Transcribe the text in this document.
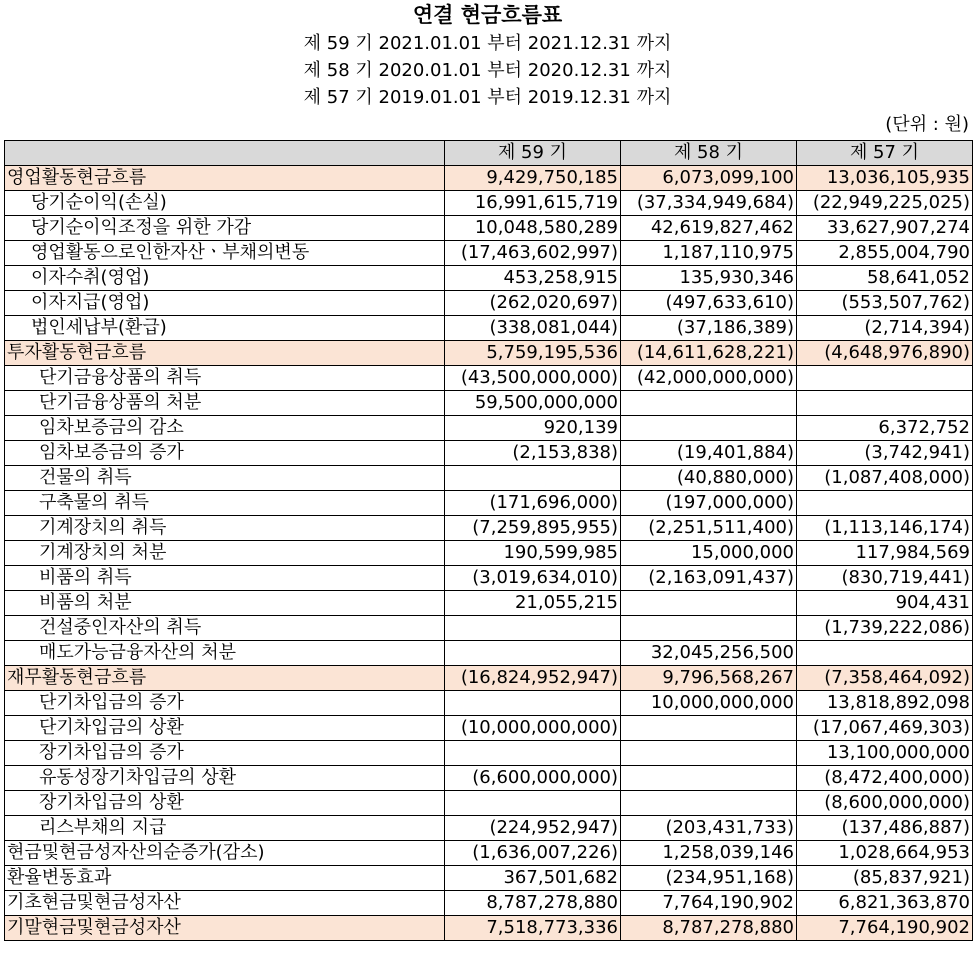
연결 현금흐름표
제 59 기 2021.01.01 부터 2021.12.31 까지
제 58 기 2020.01.01 부터 2020.12.31 까지
제 57 기 2019.01.01 부터 2019.12.31 까지
(단위 : 원)
	제 59 기	제 58 기	제 57 기
영업활동현금흐름	9,429,750,185	6,073,099,100	13,036,105,935
당기순이익(손실)	16,991,615,719	(37,334,949,684)	(22,949,225,025)
당기순이익조정을 위한 가감	10,048,580,289	42,619,827,462	33,627,907,274
영업활동으로인한자산ㆍ부채의변동	(17,463,602,997)	1,187,110,975	2,855,004,790
이자수취(영업)	453,258,915	135,930,346	58,641,052
이자지급(영업)	(262,020,697)	(497,633,610)	(553,507,762)
법인세납부(환급)	(338,081,044)	(37,186,389)	(2,714,394)
투자활동현금흐름	5,759,195,536	(14,611,628,221)	(4,648,976,890)
단기금융상품의 취득	(43,500,000,000)	(42,000,000,000)	
단기금융상품의 처분	59,500,000,000		
임차보증금의 감소	920,139		6,372,752
임차보증금의 증가	(2,153,838)	(19,401,884)	(3,742,941)
건물의 취득		(40,880,000)	(1,087,408,000)
구축물의 취득	(171,696,000)	(197,000,000)	
기계장치의 취득	(7,259,895,955)	(2,251,511,400)	(1,113,146,174)
기계장치의 처분	190,599,985	15,000,000	117,984,569
비품의 취득	(3,019,634,010)	(2,163,091,437)	(830,719,441)
비품의 처분	21,055,215		904,431
건설중인자산의 취득			(1,739,222,086)
매도가능금융자산의 처분		32,045,256,500	
재무활동현금흐름	(16,824,952,947)	9,796,568,267	(7,358,464,092)
단기차입금의 증가		10,000,000,000	13,818,892,098
단기차입금의 상환	(10,000,000,000)		(17,067,469,303)
장기차입금의 증가			13,100,000,000
유동성장기차입금의 상환	(6,600,000,000)		(8,472,400,000)
장기차입금의 상환			(8,600,000,000)
리스부채의 지급	(224,952,947)	(203,431,733)	(137,486,887)
현금및현금성자산의순증가(감소)	(1,636,007,226)	1,258,039,146	1,028,664,953
환율변동효과	367,501,682	(234,951,168)	(85,837,921)
기초현금및현금성자산	8,787,278,880	7,764,190,902	6,821,363,870
기말현금및현금성자산	7,518,773,336	8,787,278,880	7,764,190,902
